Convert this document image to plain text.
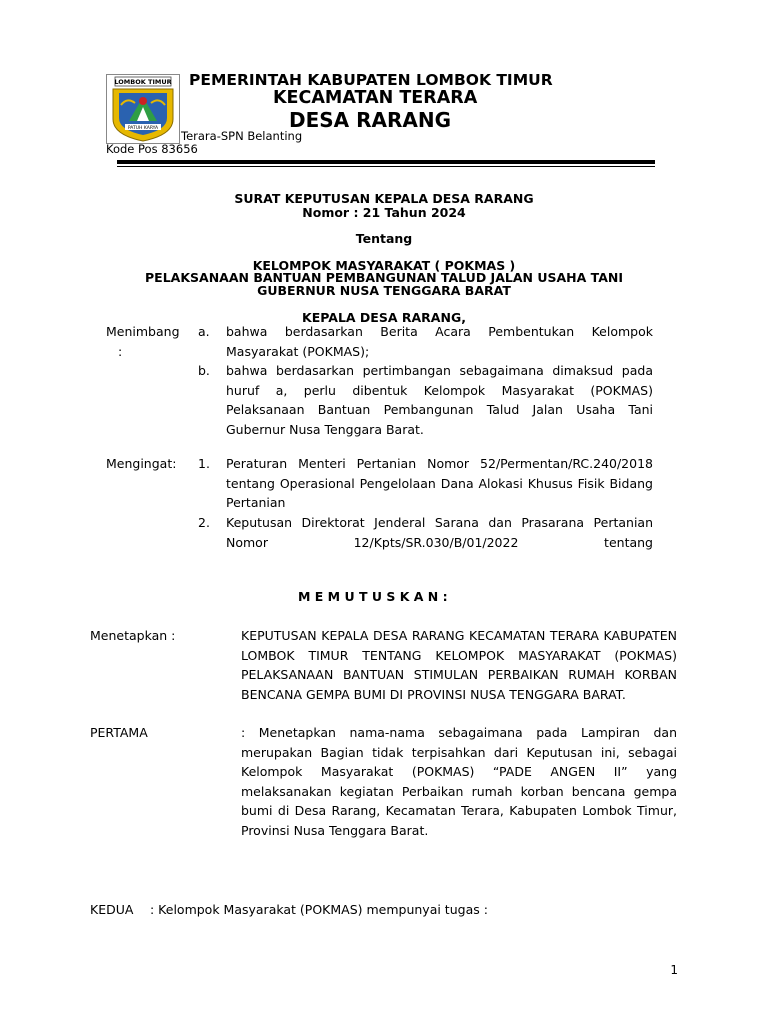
LOMBOK TIMUR
PATUH KARYA
PEMERINTAH KABUPATEN LOMBOK TIMUR
KECAMATAN TERARA
DESA RARANG
Terara-SPN Belanting
Kode Pos 83656
SURAT KEPUTUSAN KEPALA DESA RARANG
Nomor : 21 Tahun 2024
Tentang
KELOMPOK MASYARAKAT ( POKMAS )
PELAKSANAAN BANTUAN PEMBANGUNAN TALUD JALAN USAHA TANI
GUBERNUR NUSA TENGGARA BARAT
KEPALA DESA RARANG,
Menimbang
:
a. bahwa berdasarkan Berita Acara Pembentukan Kelompok Masyarakat (POKMAS);
b. bahwa berdasarkan pertimbangan sebagaimana dimaksud pada huruf a, perlu dibentuk Kelompok Masyarakat (POKMAS) Pelaksanaan Bantuan Pembangunan Talud Jalan Usaha Tani Gubernur Nusa Tenggara Barat.
Mengingat: 1. Peraturan Menteri Pertanian Nomor 52/Permentan/RC.240/2018 tentang Operasional Pengelolaan Dana Alokasi Khusus Fisik Bidang Pertanian
2. Keputusan Direktorat Jenderal Sarana dan Prasarana Pertanian Nomor 12/Kpts/SR.030/B/01/2022 tentang
M E M U T U S K A N :
Menetapkan :	KEPUTUSAN KEPALA DESA RARANG KECAMATAN TERARA KABUPATEN LOMBOK TIMUR TENTANG KELOMPOK MASYARAKAT (POKMAS) PELAKSANAAN BANTUAN STIMULAN PERBAIKAN RUMAH KORBAN BENCANA GEMPA BUMI DI PROVINSI NUSA TENGGARA BARAT.
PERTAMA	: Menetapkan nama-nama sebagaimana pada Lampiran dan merupakan Bagian tidak terpisahkan dari Keputusan ini, sebagai Kelompok Masyarakat (POKMAS) “PADE ANGEN II” yang melaksanakan kegiatan Perbaikan rumah korban bencana gempa bumi di Desa Rarang, Kecamatan Terara, Kabupaten Lombok Timur, Provinsi Nusa Tenggara Barat.
KEDUA : Kelompok Masyarakat (POKMAS) mempunyai tugas :
1
